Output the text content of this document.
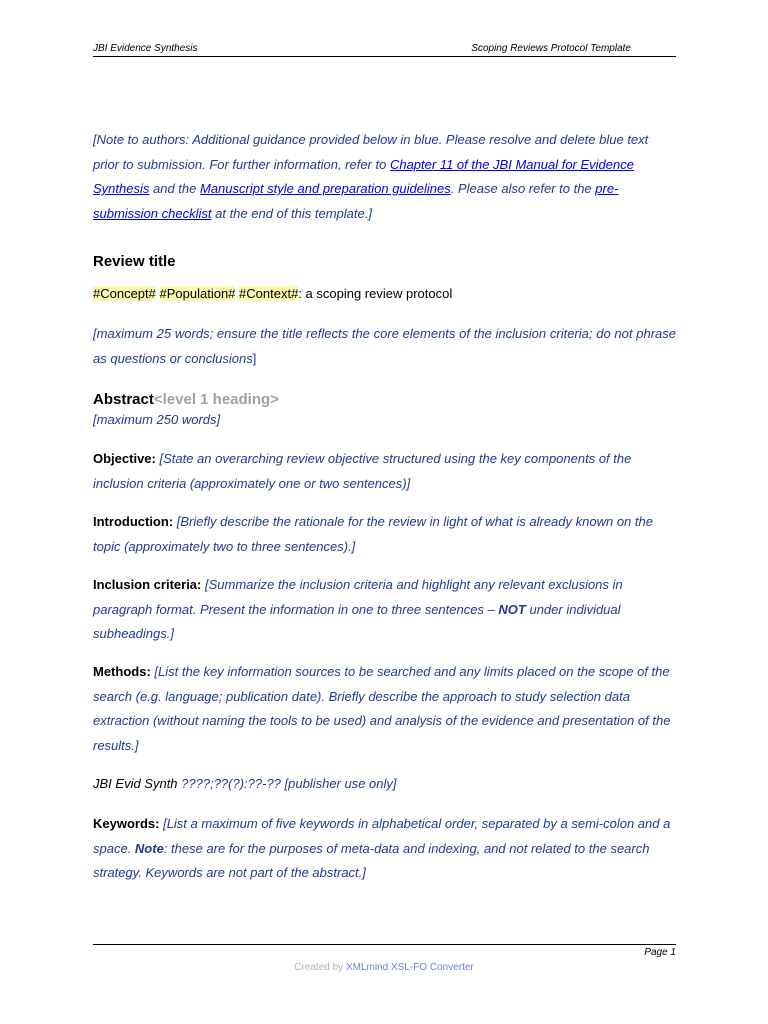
JBI Evidence Synthesis	Scoping Reviews Protocol Template
[Note to authors: Additional guidance provided below in blue. Please resolve and delete blue text prior to submission. For further information, refer to Chapter 11 of the JBI Manual for Evidence Synthesis and the Manuscript style and preparation guidelines. Please also refer to the pre-submission checklist at the end of this template.]
Review title
#Concept# #Population# #Context#: a scoping review protocol
[maximum 25 words; ensure the title reflects the core elements of the inclusion criteria; do not phrase as questions or conclusions]
Abstract<level 1 heading>
[maximum 250 words]
Objective: [State an overarching review objective structured using the key components of the inclusion criteria (approximately one or two sentences)]
Introduction: [Briefly describe the rationale for the review in light of what is already known on the topic (approximately two to three sentences).]
Inclusion criteria: [Summarize the inclusion criteria and highlight any relevant exclusions in paragraph format. Present the information in one to three sentences – NOT under individual subheadings.]
Methods: [List the key information sources to be searched and any limits placed on the scope of the search (e.g. language; publication date). Briefly describe the approach to study selection data extraction (without naming the tools to be used) and analysis of the evidence and presentation of the results.]
JBI Evid Synth ????;??(?):??-?? [publisher use only]
Keywords: [List a maximum of five keywords in alphabetical order, separated by a semi-colon and a space. Note: these are for the purposes of meta-data and indexing, and not related to the search strategy. Keywords are not part of the abstract.]
Page 1
Created by XMLmind XSL-FO Converter
